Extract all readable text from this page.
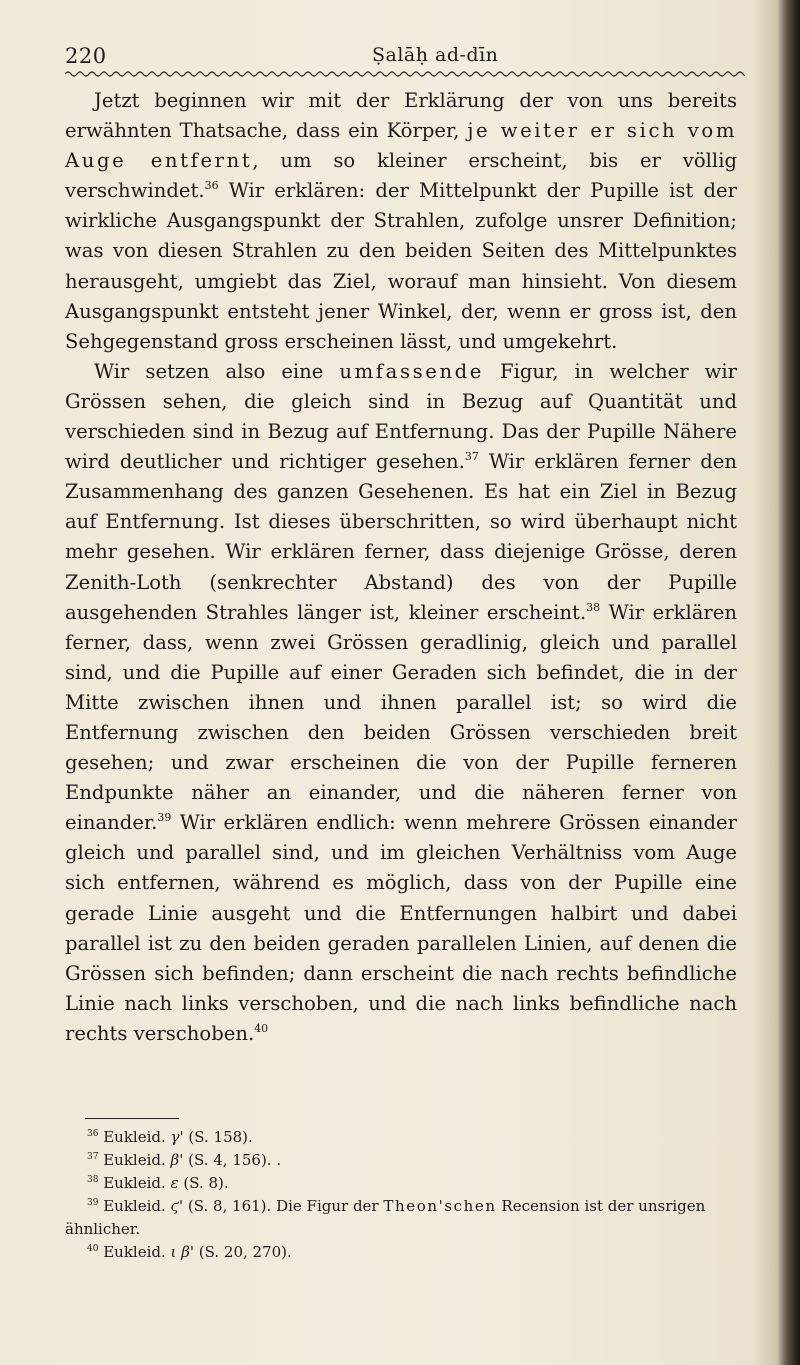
220	Ṣalāḥ ad-dīn

Jetzt beginnen wir mit der Erklärung der von uns bereits erwähnten Thatsache, dass ein Körper, je weiter er sich vom Auge entfernt, um so kleiner erscheint, bis er völlig verschwindet.$^{36}$ Wir erklären: der Mittelpunkt der Pupille ist der wirkliche Ausgangspunkt der Strahlen, zufolge unsrer Definition; was von diesen Strahlen zu den beiden Seiten des Mittelpunktes herausgeht, umgiebt das Ziel, worauf man hinsieht. Von diesem Ausgangspunkt entsteht jener Winkel, der, wenn er gross ist, den Sehgegenstand gross erscheinen lässt, und umgekehrt.

Wir setzen also eine umfassende Figur, in welcher wir Grössen sehen, die gleich sind in Bezug auf Quantität und verschieden sind in Bezug auf Entfernung. Das der Pupille Nähere wird deutlicher und richtiger gesehen.$^{37}$ Wir erklären ferner den Zusammenhang des ganzen Gesehenen. Es hat ein Ziel in Bezug auf Entfernung. Ist dieses überschritten, so wird überhaupt nicht mehr gesehen. Wir erklären ferner, dass diejenige Grösse, deren Zenith-Loth (senkrechter Abstand) des von der Pupille ausgehenden Strahles länger ist, kleiner erscheint.$^{38}$ Wir erklären ferner, dass, wenn zwei Grössen geradlinig, gleich und parallel sind, und die Pupille auf einer Geraden sich befindet, die in der Mitte zwischen ihnen und ihnen parallel ist; so wird die Entfernung zwischen den beiden Grössen verschieden breit gesehen; und zwar erscheinen die von der Pupille ferneren Endpunkte näher an einander, und die näheren ferner von einander.$^{39}$ Wir erklären endlich: wenn mehrere Grössen einander gleich und parallel sind, und im gleichen Verhältniss vom Auge sich entfernen, während es möglich, dass von der Pupille eine gerade Linie ausgeht und die Entfernungen halbirt und dabei parallel ist zu den beiden geraden parallelen Linien, auf denen die Grössen sich befinden; dann erscheint die nach rechts befindliche Linie nach links verschoben, und die nach links befindliche nach rechts verschoben.$^{40}$

$^{36}$ Eukleid. γ' (S. 158).
$^{37}$ Eukleid. β' (S. 4, 156). .
$^{38}$ Eukleid. ε (S. 8).
$^{39}$ Eukleid. ϛ' (S. 8, 161). Die Figur der Theon'schen Recension ist der unsrigen ähnlicher.
$^{40}$ Eukleid. ι β' (S. 20, 270).
